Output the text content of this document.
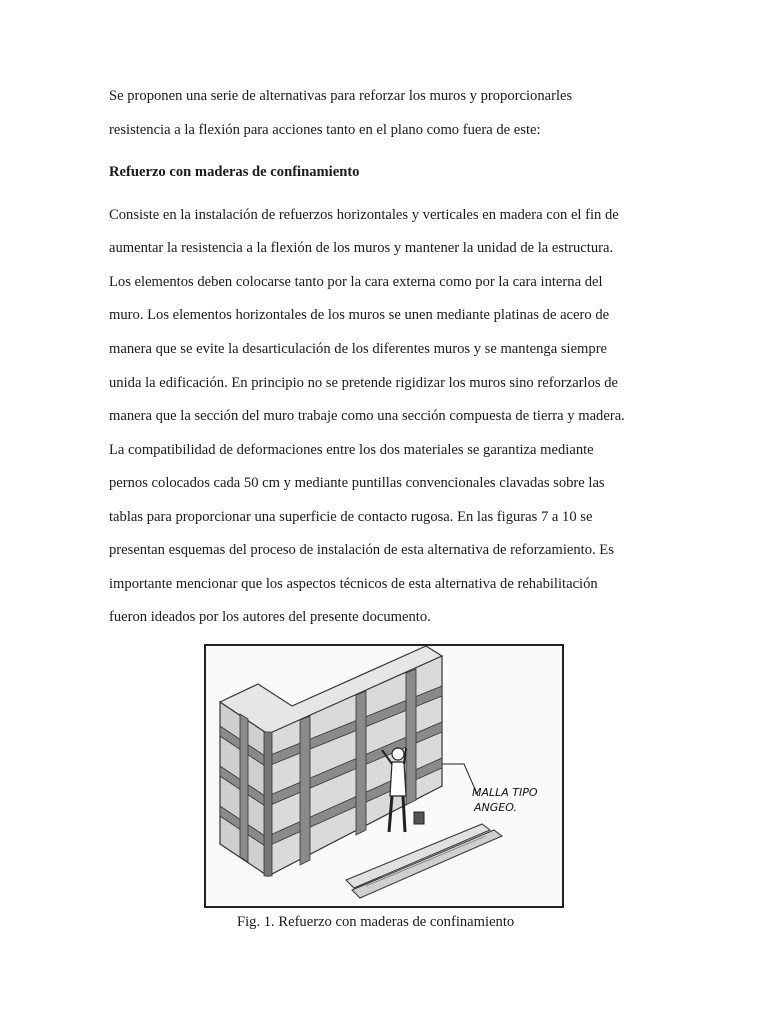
Se proponen una serie de alternativas para reforzar los muros y proporcionarles
resistencia a la flexión para acciones tanto en el plano como fuera de este:
Refuerzo con maderas de confinamiento
Consiste en la instalación de refuerzos horizontales y verticales en madera con el fin de
aumentar la resistencia a la flexión de los muros y mantener la unidad de la estructura.
Los elementos deben colocarse tanto por la cara externa como por la cara interna del
muro. Los elementos horizontales de los muros se unen mediante platinas de acero de
manera que se evite la desarticulación de los diferentes muros y se mantenga siempre
unida la edificación. En principio no se pretende rigidizar los muros sino reforzarlos de
manera que la sección del muro trabaje como una sección compuesta de tierra y madera.
La compatibilidad de deformaciones entre los dos materiales se garantiza mediante
pernos colocados cada 50 cm y mediante puntillas convencionales clavadas sobre las
tablas para proporcionar una superficie de contacto rugosa. En las figuras 7 a 10 se
presentan esquemas del proceso de instalación de esta alternativa de reforzamiento. Es
importante mencionar que los aspectos técnicos de esta alternativa de rehabilitación
fueron ideados por los autores del presente documento.
MALLA TIPO
ANGEO.
Fig. 1. Refuerzo con maderas de confinamiento
